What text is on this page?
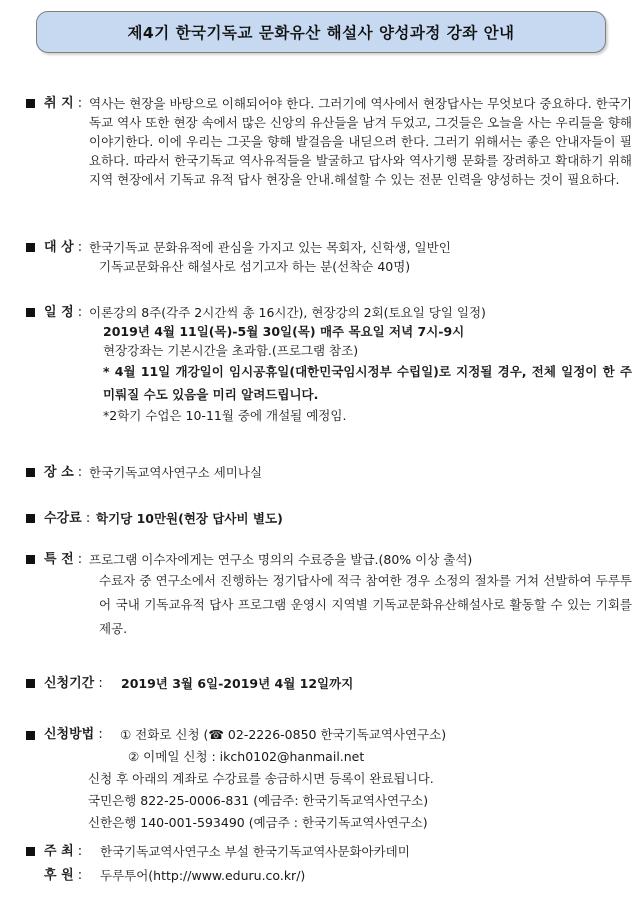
제4기 한국기독교 문화유산 해설사 양성과정 강좌 안내
취 지 : 역사는 현장을 바탕으로 이해되어야 한다. 그러기에 역사에서 현장답사는 무엇보다 중요하다. 한국기독교 역사 또한 현장 속에서 많은 신앙의 유산들을 남겨 두었고, 그것들은 오늘을 사는 우리들을 향해 이야기한다. 이에 우리는 그곳을 향해 발걸음을 내딛으려 한다. 그러기 위해서는 좋은 안내자들이 필요하다. 따라서 한국기독교 역사유적들을 발굴하고 답사와 역사기행 문화를 장려하고 확대하기 위해 지역 현장에서 기독교 유적 답사 현장을 안내.해설할 수 있는 전문 인력을 양성하는 것이 필요하다.
대 상 : 한국기독교 문화유적에 관심을 가지고 있는 목회자, 신학생, 일반인
기독교문화유산 해설사로 섬기고자 하는 분(선착순 40명)
일 정 : 이론강의 8주(각주 2시간씩 총 16시간), 현장강의 2회(토요일 당일 일정)
2019년 4월 11일(목)-5월 30일(목) 매주 목요일 저녁 7시-9시
현장강좌는 기본시간을 초과함.(프로그램 참조)
* 4월 11일 개강일이 임시공휴일(대한민국임시정부 수립일)로 지정될 경우, 전체 일정이 한 주 미뤄질 수도 있음을 미리 알려드립니다.
*2학기 수업은 10-11월 중에 개설될 예정임.
장 소 : 한국기독교역사연구소 세미나실
수강료 : 학기당 10만원(현장 답사비 별도)
특 전 : 프로그램 이수자에게는 연구소 명의의 수료증을 발급.(80% 이상 출석)
수료자 중 연구소에서 진행하는 정기답사에 적극 참여한 경우 소정의 절차를 거쳐 선발하여 두루투어 국내 기독교유적 답사 프로그램 운영시 지역별 기독교문화유산해설사로 활동할 수 있는 기회를 제공.
신청기간 : 2019년 3월 6일-2019년 4월 12일까지
신청방법 : ① 전화로 신청 (☎ 02-2226-0850 한국기독교역사연구소)
② 이메일 신청 : ikch0102@hanmail.net
신청 후 아래의 계좌로 수강료를 송금하시면 등록이 완료됩니다.
국민은행 822-25-0006-831 (예금주: 한국기독교역사연구소)
신한은행 140-001-593490 (예금주 : 한국기독교역사연구소)
주 최 : 한국기독교역사연구소 부설 한국기독교역사문화아카데미
후 원 : 두루투어(http://www.eduru.co.kr/)
